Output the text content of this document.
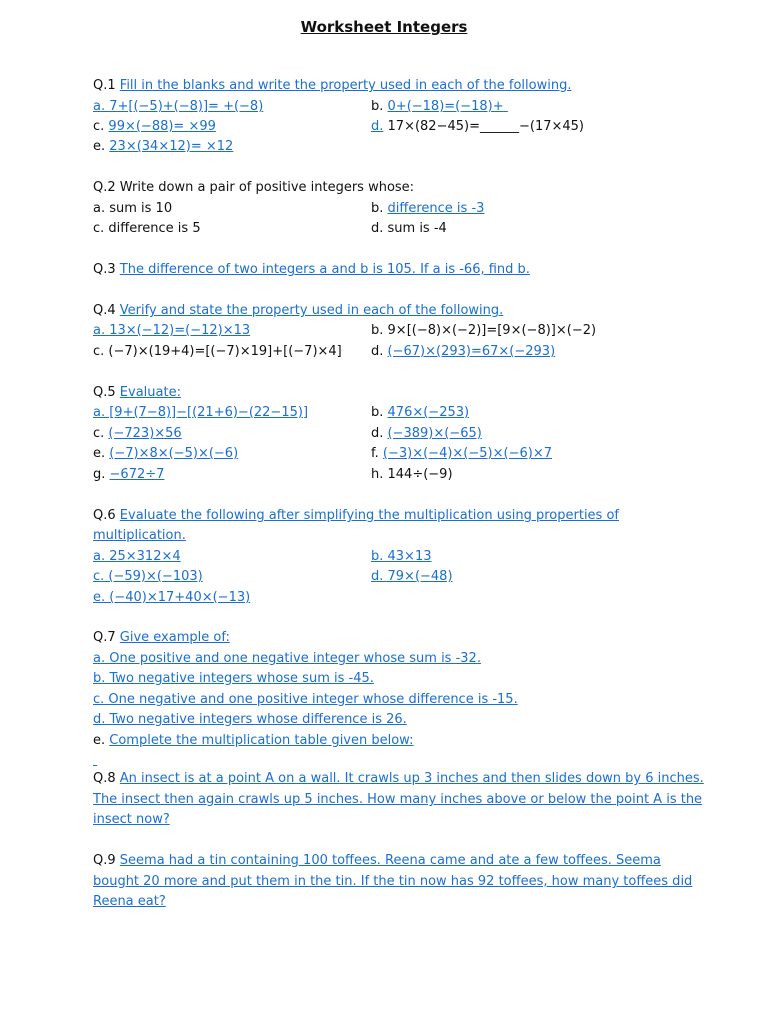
Worksheet Integers
Q.1 Fill in the blanks and write the property used in each of the following.
a. 7+[(−5)+(−8)]= +(−8)	b. 0+(−18)=(−18)+
c. 99×(−88)= ×99	d. 17×(82−45)=______−(17×45)
e. 23×(34×12)= ×12
Q.2 Write down a pair of positive integers whose:
a. sum is 10	b. difference is -3
c. difference is 5	d. sum is -4
Q.3 The difference of two integers a and b is 105. If a is -66, find b.
Q.4 Verify and state the property used in each of the following.
a. 13×(−12)=(−12)×13	b. 9×[(−8)×(−2)]=[9×(−8)]×(−2)
c. (−7)×(19+4)=[(−7)×19]+[(−7)×4] d. (−67)×(293)=67×(−293)
Q.5 Evaluate:
a. [9+(7−8)]−[(21+6)−(22−15)]	b. 476×(−253)
c. (−723)×56	d. (−389)×(−65)
e. (−7)×8×(−5)×(−6)	f. (−3)×(−4)×(−5)×(−6)×7
g. −672÷7	h. 144÷(−9)
Q.6 Evaluate the following after simplifying the multiplication using properties of
multiplication.
a. 25×312×4	b. 43×13
c. (−59)×(−103)	d. 79×(−48)
e. (−40)×17+40×(−13)
Q.7 Give example of:
a. One positive and one negative integer whose sum is -32.
b. Two negative integers whose sum is -45.
c. One negative and one positive integer whose difference is -15.
d. Two negative integers whose difference is 26.
e. Complete the multiplication table given below:

Q.8 An insect is at a point A on a wall. It crawls up 3 inches and then slides down by 6 inches.
The insect then again crawls up 5 inches. How many inches above or below the point A is the
insect now?
Q.9 Seema had a tin containing 100 toffees. Reena came and ate a few toffees. Seema
bought 20 more and put them in the tin. If the tin now has 92 toffees, how many toffees did
Reena eat?
